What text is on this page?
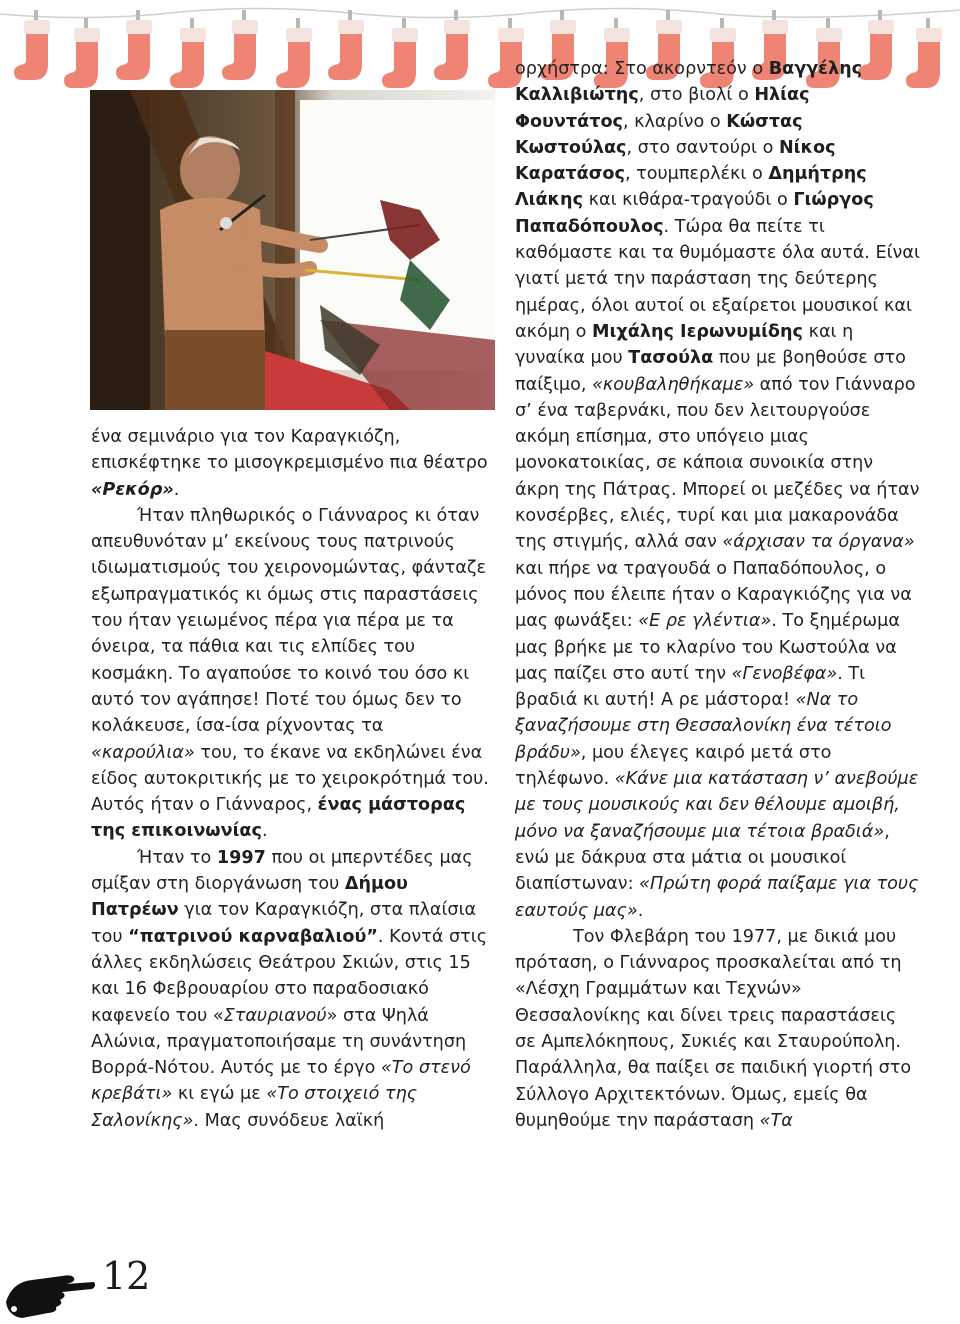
ένα σεμινάριο για τον Καραγκιόζη, επισκέφτηκε το μισογκρεμισμένο πια θέατρο «Ρεκόρ».

Ήταν πληθωρικός ο Γιάνναρος κι όταν απευθυνόταν μ’ εκείνους τους πατρινούς ιδιωματισμούς του χειρονομώντας, φάνταζε εξωπραγματικός κι όμως στις παραστάσεις του ήταν γειωμένος πέρα για πέρα με τα όνειρα, τα πάθια και τις ελπίδες του κοσμάκη. Το αγαπούσε το κοινό του όσο κι αυτό τον αγάπησε! Ποτέ του όμως δεν το κολάκευσε, ίσα-ίσα ρίχνοντας τα «καρούλια» του, το έκανε να εκδηλώνει ένα είδος αυτοκριτικής με το χειροκρότημά του. Αυτός ήταν ο Γιάνναρος, ένας μάστορας της επικοινωνίας.

Ήταν το 1997 που οι μπερντέδες μας σμίξαν στη διοργάνωση του Δήμου Πατρέων για τον Καραγκιόζη, στα πλαίσια του “πατρινού καρναβαλιού”. Κοντά στις άλλες εκδηλώσεις Θεάτρου Σκιών, στις 15 και 16 Φεβρουαρίου στο παραδοσιακό καφενείο του «Σταυριανού» στα Ψηλά Αλώνια, πραγματοποιήσαμε τη συνάντηση Βορρά-Νότου. Αυτός με το έργο «Το στενό κρεβάτι» κι εγώ με «Το στοιχειό της Σαλονίκης». Μας συνόδευε λαϊκή

ορχήστρα: Στο ακορντεόν ο Βαγγέλης Καλλιβιώτης, στο βιολί ο Ηλίας Φουντάτος, κλαρίνο ο Κώστας Κωστούλας, στο σαντούρι ο Νίκος Καρατάσος, τουμπερλέκι ο Δημήτρης Λιάκης και κιθάρα-τραγούδι ο Γιώργος Παπαδόπουλος. Τώρα θα πείτε τι καθόμαστε και τα θυμόμαστε όλα αυτά. Είναι γιατί μετά την παράσταση της δεύτερης ημέρας, όλοι αυτοί οι εξαίρετοι μουσικοί και ακόμη ο Μιχάλης Ιερωνυμίδης και η γυναίκα μου Τασούλα που με βοηθούσε στο παίξιμο, «κουβαληθήκαμε» από τον Γιάνναρο σ’ ένα ταβερνάκι, που δεν λειτουργούσε ακόμη επίσημα, στο υπόγειο μιας μονοκατοικίας, σε κάποια συνοικία στην άκρη της Πάτρας. Μπορεί οι μεζέδες να ήταν κονσέρβες, ελιές, τυρί και μια μακαρονάδα της στιγμής, αλλά σαν «άρχισαν τα όργανα» και πήρε να τραγουδά ο Παπαδόπουλος, ο μόνος που έλειπε ήταν ο Καραγκιόζης για να μας φωνάξει: «Ε ρε γλέντια». Το ξημέρωμα μας βρήκε με το κλαρίνο του Κωστούλα να μας παίζει στο αυτί την «Γενοβέφα». Τι βραδιά κι αυτή! Α ρε μάστορα! «Να το ξαναζήσουμε στη Θεσσαλονίκη ένα τέτοιο βράδυ», μου έλεγες καιρό μετά στο τηλέφωνο. «Κάνε μια κατάσταση ν’ ανεβούμε με τους μουσικούς και δεν θέλουμε αμοιβή, μόνο να ξαναζήσουμε μια τέτοια βραδιά», ενώ με δάκρυα στα μάτια οι μουσικοί διαπίστωναν: «Πρώτη φορά παίξαμε για τους εαυτούς μας».

Τον Φλεβάρη του 1977, με δικιά μου πρόταση, ο Γιάνναρος προσκαλείται από τη «Λέσχη Γραμμάτων και Τεχνών» Θεσσαλονίκης και δίνει τρεις παραστάσεις σε Αμπελόκηπους, Συκιές και Σταυρούπολη. Παράλληλα, θα παίξει σε παιδική γιορτή στο Σύλλογο Αρχιτεκτόνων. Όμως, εμείς θα θυμηθούμε την παράσταση «Τα

12
